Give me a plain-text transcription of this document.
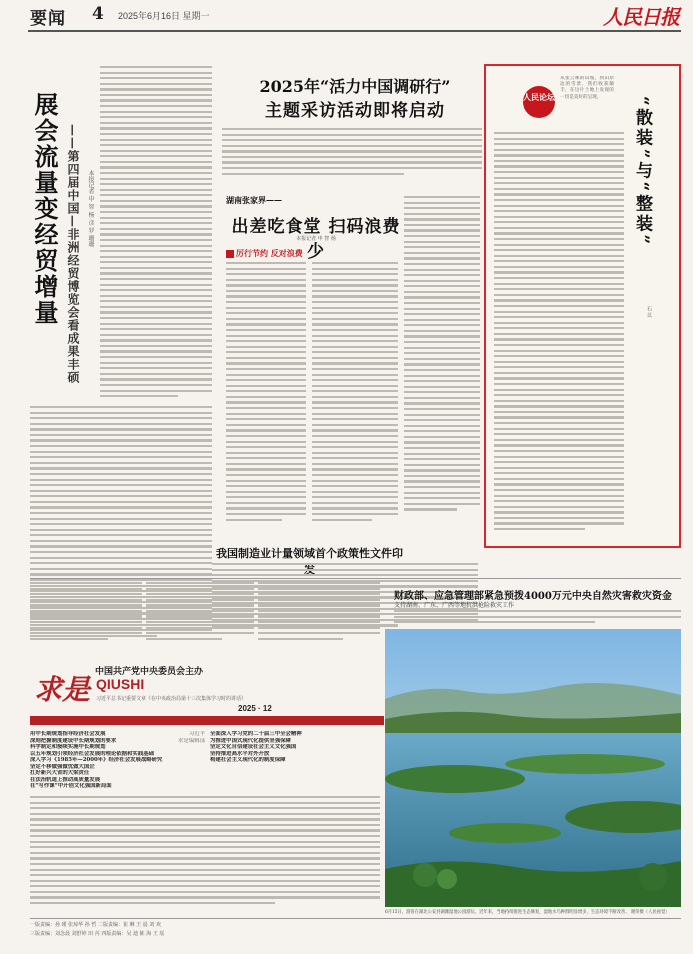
要闻 4 2025年6月16日 星期一	人民日报
展会流量变经贸增量 ——第四届中国—非洲经贸博览会看成果丰硕 本报记者 申 智 杨 彦 罗 珊珊
2025年“活力中国调研行”
主题采访活动即将启动
湖南张家界——
出差吃食堂 扫码浪费少
本报记者 申 智 杨
厉行节约 反对浪费
我国制造业计量领域首个政策性文件印
人民论坛
从张云咏的山坡，到山岸边的雪景，我们收获颇丰，在这片土地上发现的一切是美好的呈现。	“散装”与“整装”
石 苡
财政部、应急管理部紧急预拨4000万元中央自然灾害救灾资金
支持湖南、广东、广西等地抗洪抢险救灾工作
求是
中国共产党中央委员会主办
QIUSHI
习近平总书记重要文章《在中央政治局第十三次集体学习时的讲话》
2025 · 12
习近平
用中长期规划指导经济社会发展
求是编辑部
深刻把握制度建设中长期规划的要求
科学制定和接续实施中长期规划
以五年规划引领经济社会发展的理论依据和实践基础
深入学习《1985年—2000年》经济社会发展战略研究
坚定不移做强做优做大国企
扛好新兴大省的大梁责任
在法治轨道上推动高质量发展
在“写作课”中开创文化强国新局面
全面深入学习党的二十届三中全会精神
为推进中国式现代化提供坚强保障
坚定文化自信建设社会主义文化强国
坚持推进高水平对外开放
构建社会主义现代化的制度保障
6月15日，游客在湖北公安县湖滩湿地公园游玩。近年来，当地持续推进生态修复，湿地水鸟种群明显增多，生态环境不断改善。 谢荣摄（人民视觉）
一版责编：孙 瑾 张琼华 孙 哲 二版责编：崔 琳 王 晨 刘 欢
三版责编：刘念晨 刘舒婷 田 芮 四版责编：吴 迪 陈 海 王 瑶
